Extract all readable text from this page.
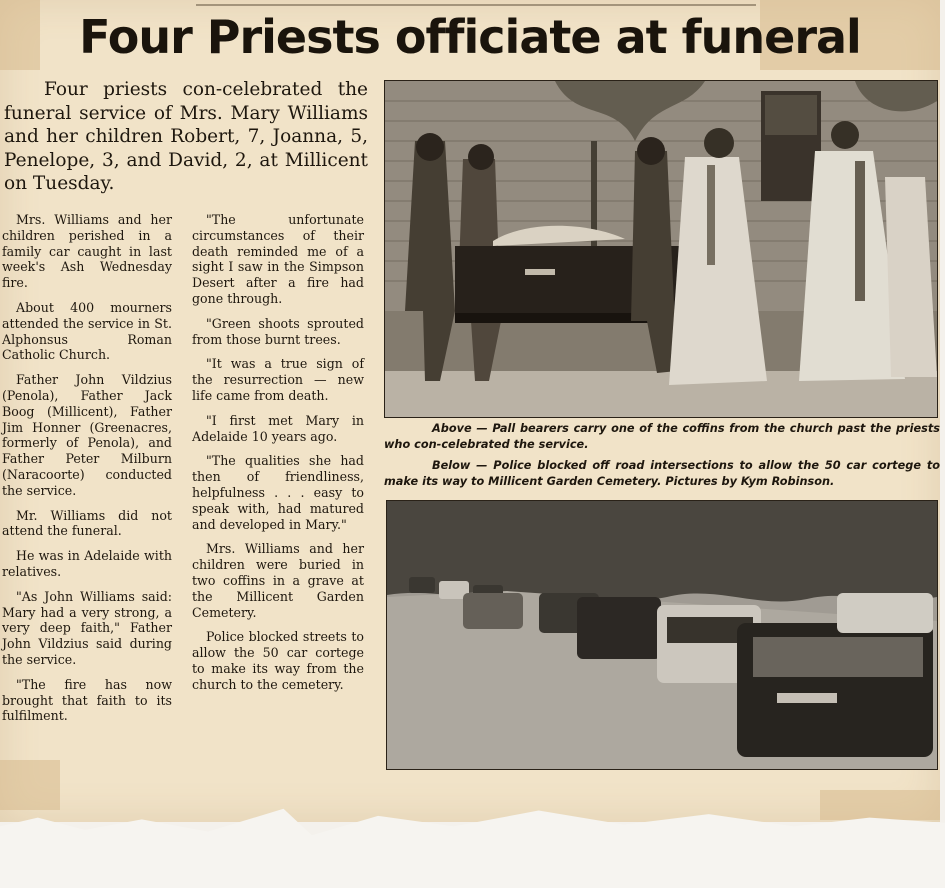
Four Priests officiate at funeral
Four priests con-celebrated the funeral service of Mrs. Mary Williams and her children Robert, 7, Joanna, 5, Penelope, 3, and David, 2, at Millicent on Tuesday.

Mrs. Williams and her children perished in a family car caught in last week's Ash Wednesday fire.

About 400 mourners attended the service in St. Alphonsus Roman Catholic Church.

Father John Vildzius (Penola), Father Jack Boog (Millicent), Father Jim Honner (Greenacres, formerly of Penola), and Father Peter Milburn (Naracoorte) conducted the service.

Mr. Williams did not attend the funeral.

He was in Adelaide with relatives.

"As John Williams said: Mary had a very strong, a very deep faith," Father John Vildzius said during the service.

"The fire has now brought that faith to its fulfilment.

"The unfortunate circumstances of their death reminded me of a sight I saw in the Simpson Desert after a fire had gone through.

"Green shoots sprouted from those burnt trees.

"It was a true sign of the resurrection — new life came from death.

"I first met Mary in Adelaide 10 years ago.

"The qualities she had then of friendliness, helpfulness . . . easy to speak with, had matured and developed in Mary."

Mrs. Williams and her children were buried in two coffins in a grave at the Millicent Garden Cemetery.

Police blocked streets to allow the 50 car cortege to make its way from the church to the cemetery.

Above — Pall bearers carry one of the coffins from the church past the priests who con-celebrated the service.
Below — Police blocked off road intersections to allow the 50 car cortege to make its way to Millicent Garden Cemetery. Pictures by Kym Robinson.
